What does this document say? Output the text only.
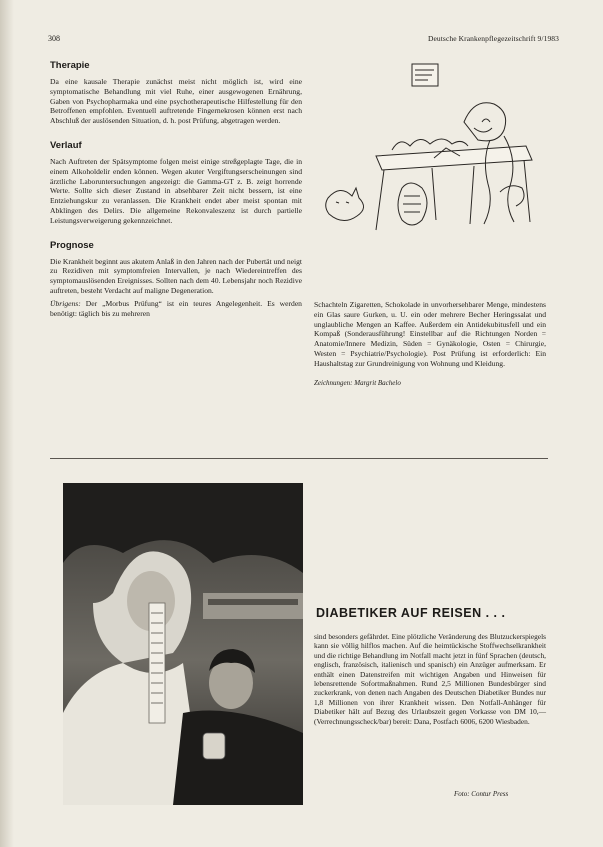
308	Deutsche Krankenpflegezeitschrift 9/1983
Therapie

Da eine kausale Therapie zunächst meist nicht möglich ist, wird eine symptomatische Behandlung mit viel Ruhe, einer ausgewogenen Ernährung, Gaben von Psychopharmaka und eine psychotherapeutische Hilfestellung für den Betroffenen empfohlen. Eventuell auftretende Fingernekrosen können erst nach Abschluß der auslösenden Situation, d. h. post Prüfung, abgetragen werden.

Verlauf

Nach Auftreten der Spätsymptome folgen meist einige streßgeplagte Tage, die in einem Alkoholdelir enden können. Wegen akuter Vergiftungserscheinungen sind ärztliche Laboruntersuchungen angezeigt: die Gamma-GT z. B. zeigt horrende Werte. Sollte sich dieser Zustand in absehbarer Zeit nicht bessern, ist eine Entziehungskur zu veranlassen. Die Krankheit endet aber meist spontan mit Abklingen des Delirs. Die allgemeine Rekonvaleszenz ist durch partielle Leistungsverweigerung gekennzeichnet.

Prognose

Die Krankheit beginnt aus akutem Anlaß in den Jahren nach der Pubertät und neigt zu Rezidiven mit symptomfreien Intervallen, je nach Wiedereintreffen des symptomauslösenden Ereignisses. Sollten nach dem 40. Lebensjahr noch Rezidive auftreten, besteht Verdacht auf maligne Degeneration.

Übrigens: Der „Morbus Prüfung“ ist ein teures Angelegenheit. Es werden benötigt: täglich bis zu mehreren

Schachteln Zigaretten, Schokolade in unvorhersehbarer Menge, mindestens ein Glas saure Gurken, u. U. ein oder mehrere Becher Heringssalat und unglaubliche Mengen an Kaffee. Außerdem ein Antidekubitusfell und ein Kompaß (Sonderausführung! Einstellbar auf die Richtungen Norden = Anatomie/Innere Medizin, Süden = Gynäkologie, Osten = Chirurgie, Westen = Psychiatrie/Psychologie). Post Prüfung ist erforderlich: Ein Haushaltstag zur Grundreinigung von Wohnung und Kleidung.

Zeichnungen: Margrit Bachelo
DIABETIKER AUF REISEN . . .
sind besonders gefährdet. Eine plötzliche Veränderung des Blutzuckerspiegels kann sie völlig hilflos machen. Auf die heimtückische Stoffwechselkrankheit und die richtige Behandlung im Notfall macht jetzt in fünf Sprachen (deutsch, englisch, französisch, italienisch und spanisch) ein Anzüger aufmerksam. Er enthält einen Datenstreifen mit wichtigen Angaben und Hinweisen für lebensrettende Sofortmaßnahmen. Rund 2,5 Millionen Bundesbürger sind zuckerkrank, von denen nach Angaben des Deutschen Diabetiker Bundes nur 1,8 Millionen von ihrer Krankheit wissen. Den Notfall-Anhänger für Diabetiker hält auf Bezug des Urlaubszeit gegen Vorkasse von DM 10,— (Verrechnungsscheck/bar) bereit: Dana, Postfach 6006, 6200 Wiesbaden.
Foto: Contur Press
